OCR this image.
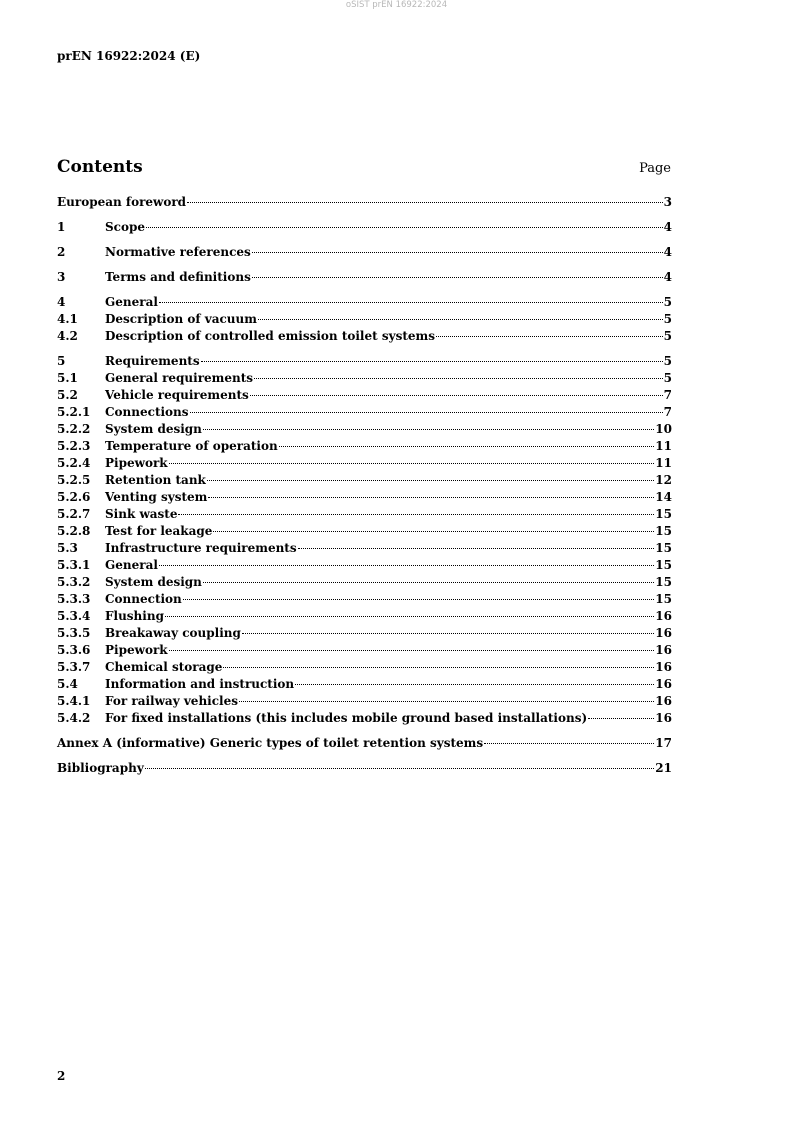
oSIST prEN 16922:2024
prEN 16922:2024 (E)
Contents	Page
European foreword	3
1	Scope	4
2	Normative references	4
3	Terms and definitions	4
4	General	5
4.1	Description of vacuum	5
4.2	Description of controlled emission toilet systems	5
5	Requirements	5
5.1	General requirements	5
5.2	Vehicle requirements	7
5.2.1	Connections	7
5.2.2	System design	10
5.2.3	Temperature of operation	11
5.2.4	Pipework	11
5.2.5	Retention tank	12
5.2.6	Venting system	14
5.2.7	Sink waste	15
5.2.8	Test for leakage	15
5.3	Infrastructure requirements	15
5.3.1	General	15
5.3.2	System design	15
5.3.3	Connection	15
5.3.4	Flushing	16
5.3.5	Breakaway coupling	16
5.3.6	Pipework	16
5.3.7	Chemical storage	16
5.4	Information and instruction	16
5.4.1	For railway vehicles	16
5.4.2	For fixed installations (this includes mobile ground based installations)	16
Annex A (informative) Generic types of toilet retention systems	17
Bibliography	21
2
